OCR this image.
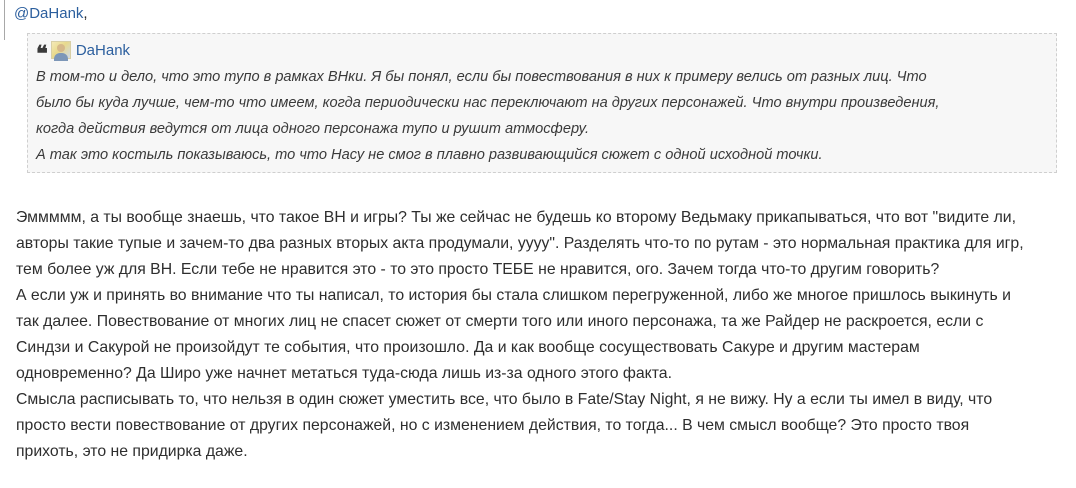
@DaHank,
❝ DaHank
В том-то и дело, что это тупо в рамках ВНки. Я бы понял, если бы повествования в них к примеру велись от разных лиц. Что
было бы куда лучше, чем-то что имеем, когда периодически нас переключают на других персонажей. Что внутри произведения,
когда действия ведутся от лица одного персонажа тупо и рушит атмосферу.
А так это костыль показываюсь, то что Насу не смог в плавно развивающийся сюжет с одной исходной точки.
Эммммм, а ты вообще знаешь, что такое ВН и игры? Ты же сейчас не будешь ко второму Ведьмаку прикапываться, что вот "видите ли,
авторы такие тупые и зачем-то два разных вторых акта продумали, уууу". Разделять что-то по рутам - это нормальная практика для игр,
тем более уж для ВН. Если тебе не нравится это - то это просто ТЕБЕ не нравится, ого. Зачем тогда что-то другим говорить?
А если уж и принять во внимание что ты написал, то история бы стала слишком перегруженной, либо же многое пришлось выкинуть и
так далее. Повествование от многих лиц не спасет сюжет от смерти того или иного персонажа, та же Райдер не раскроется, если с
Синдзи и Сакурой не произойдут те события, что произошло. Да и как вообще сосуществовать Сакуре и другим мастерам
одновременно? Да Широ уже начнет метаться туда-сюда лишь из-за одного этого факта.
Смысла расписывать то, что нельзя в один сюжет уместить все, что было в Fate/Stay Night, я не вижу. Ну а если ты имел в виду, что
просто вести повествование от других персонажей, но с изменением действия, то тогда... В чем смысл вообще? Это просто твоя
прихоть, это не придирка даже.
